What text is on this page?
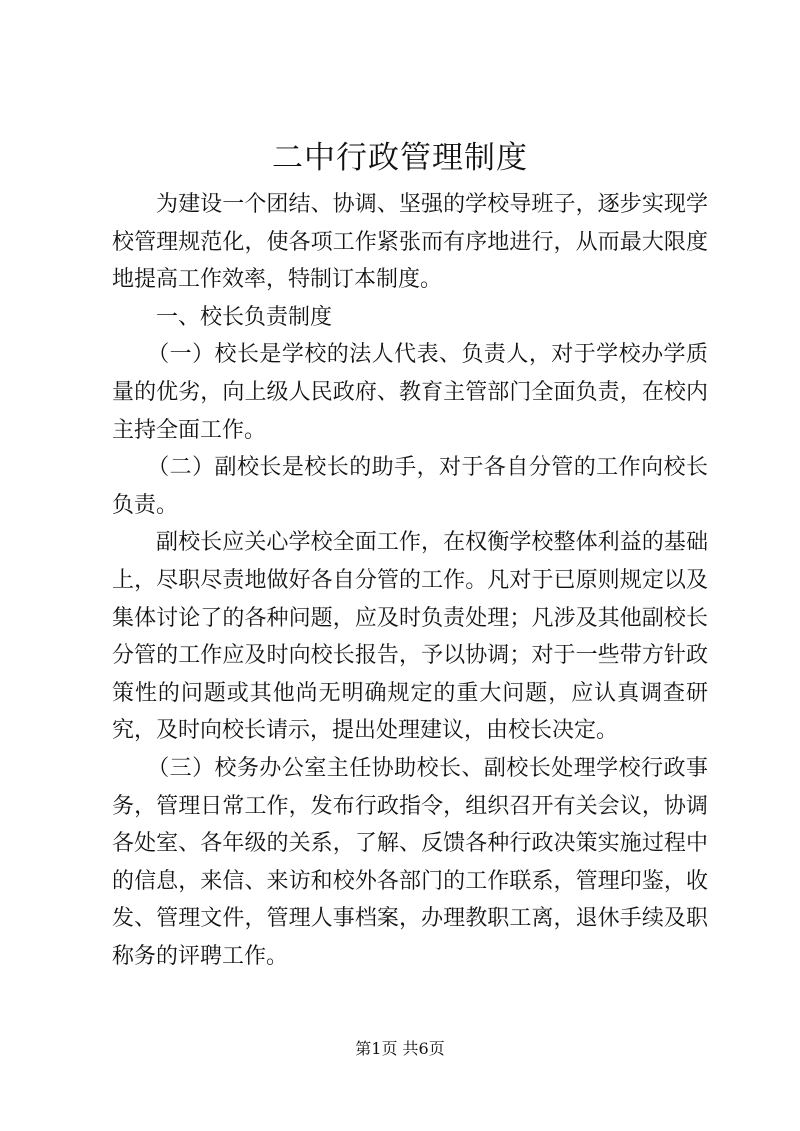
二中行政管理制度

为建设一个团结、协调、坚强的学校导班子，逐步实现学校管理规范化，使各项工作紧张而有序地进行，从而最大限度地提高工作效率，特制订本制度。

一、校长负责制度

（一）校长是学校的法人代表、负责人，对于学校办学质量的优劣，向上级人民政府、教育主管部门全面负责，在校内主持全面工作。

（二）副校长是校长的助手，对于各自分管的工作向校长负责。

副校长应关心学校全面工作，在权衡学校整体利益的基础上，尽职尽责地做好各自分管的工作。凡对于已原则规定以及集体讨论了的各种问题，应及时负责处理；凡涉及其他副校长分管的工作应及时向校长报告，予以协调；对于一些带方针政策性的问题或其他尚无明确规定的重大问题，应认真调查研究，及时向校长请示，提出处理建议，由校长决定。

（三）校务办公室主任协助校长、副校长处理学校行政事务，管理日常工作，发布行政指令，组织召开有关会议，协调各处室、各年级的关系，了解、反馈各种行政决策实施过程中的信息，来信、来访和校外各部门的工作联系，管理印鉴，收发、管理文件，管理人事档案，办理教职工离，退休手续及职称务的评聘工作。

第1页 共6页
